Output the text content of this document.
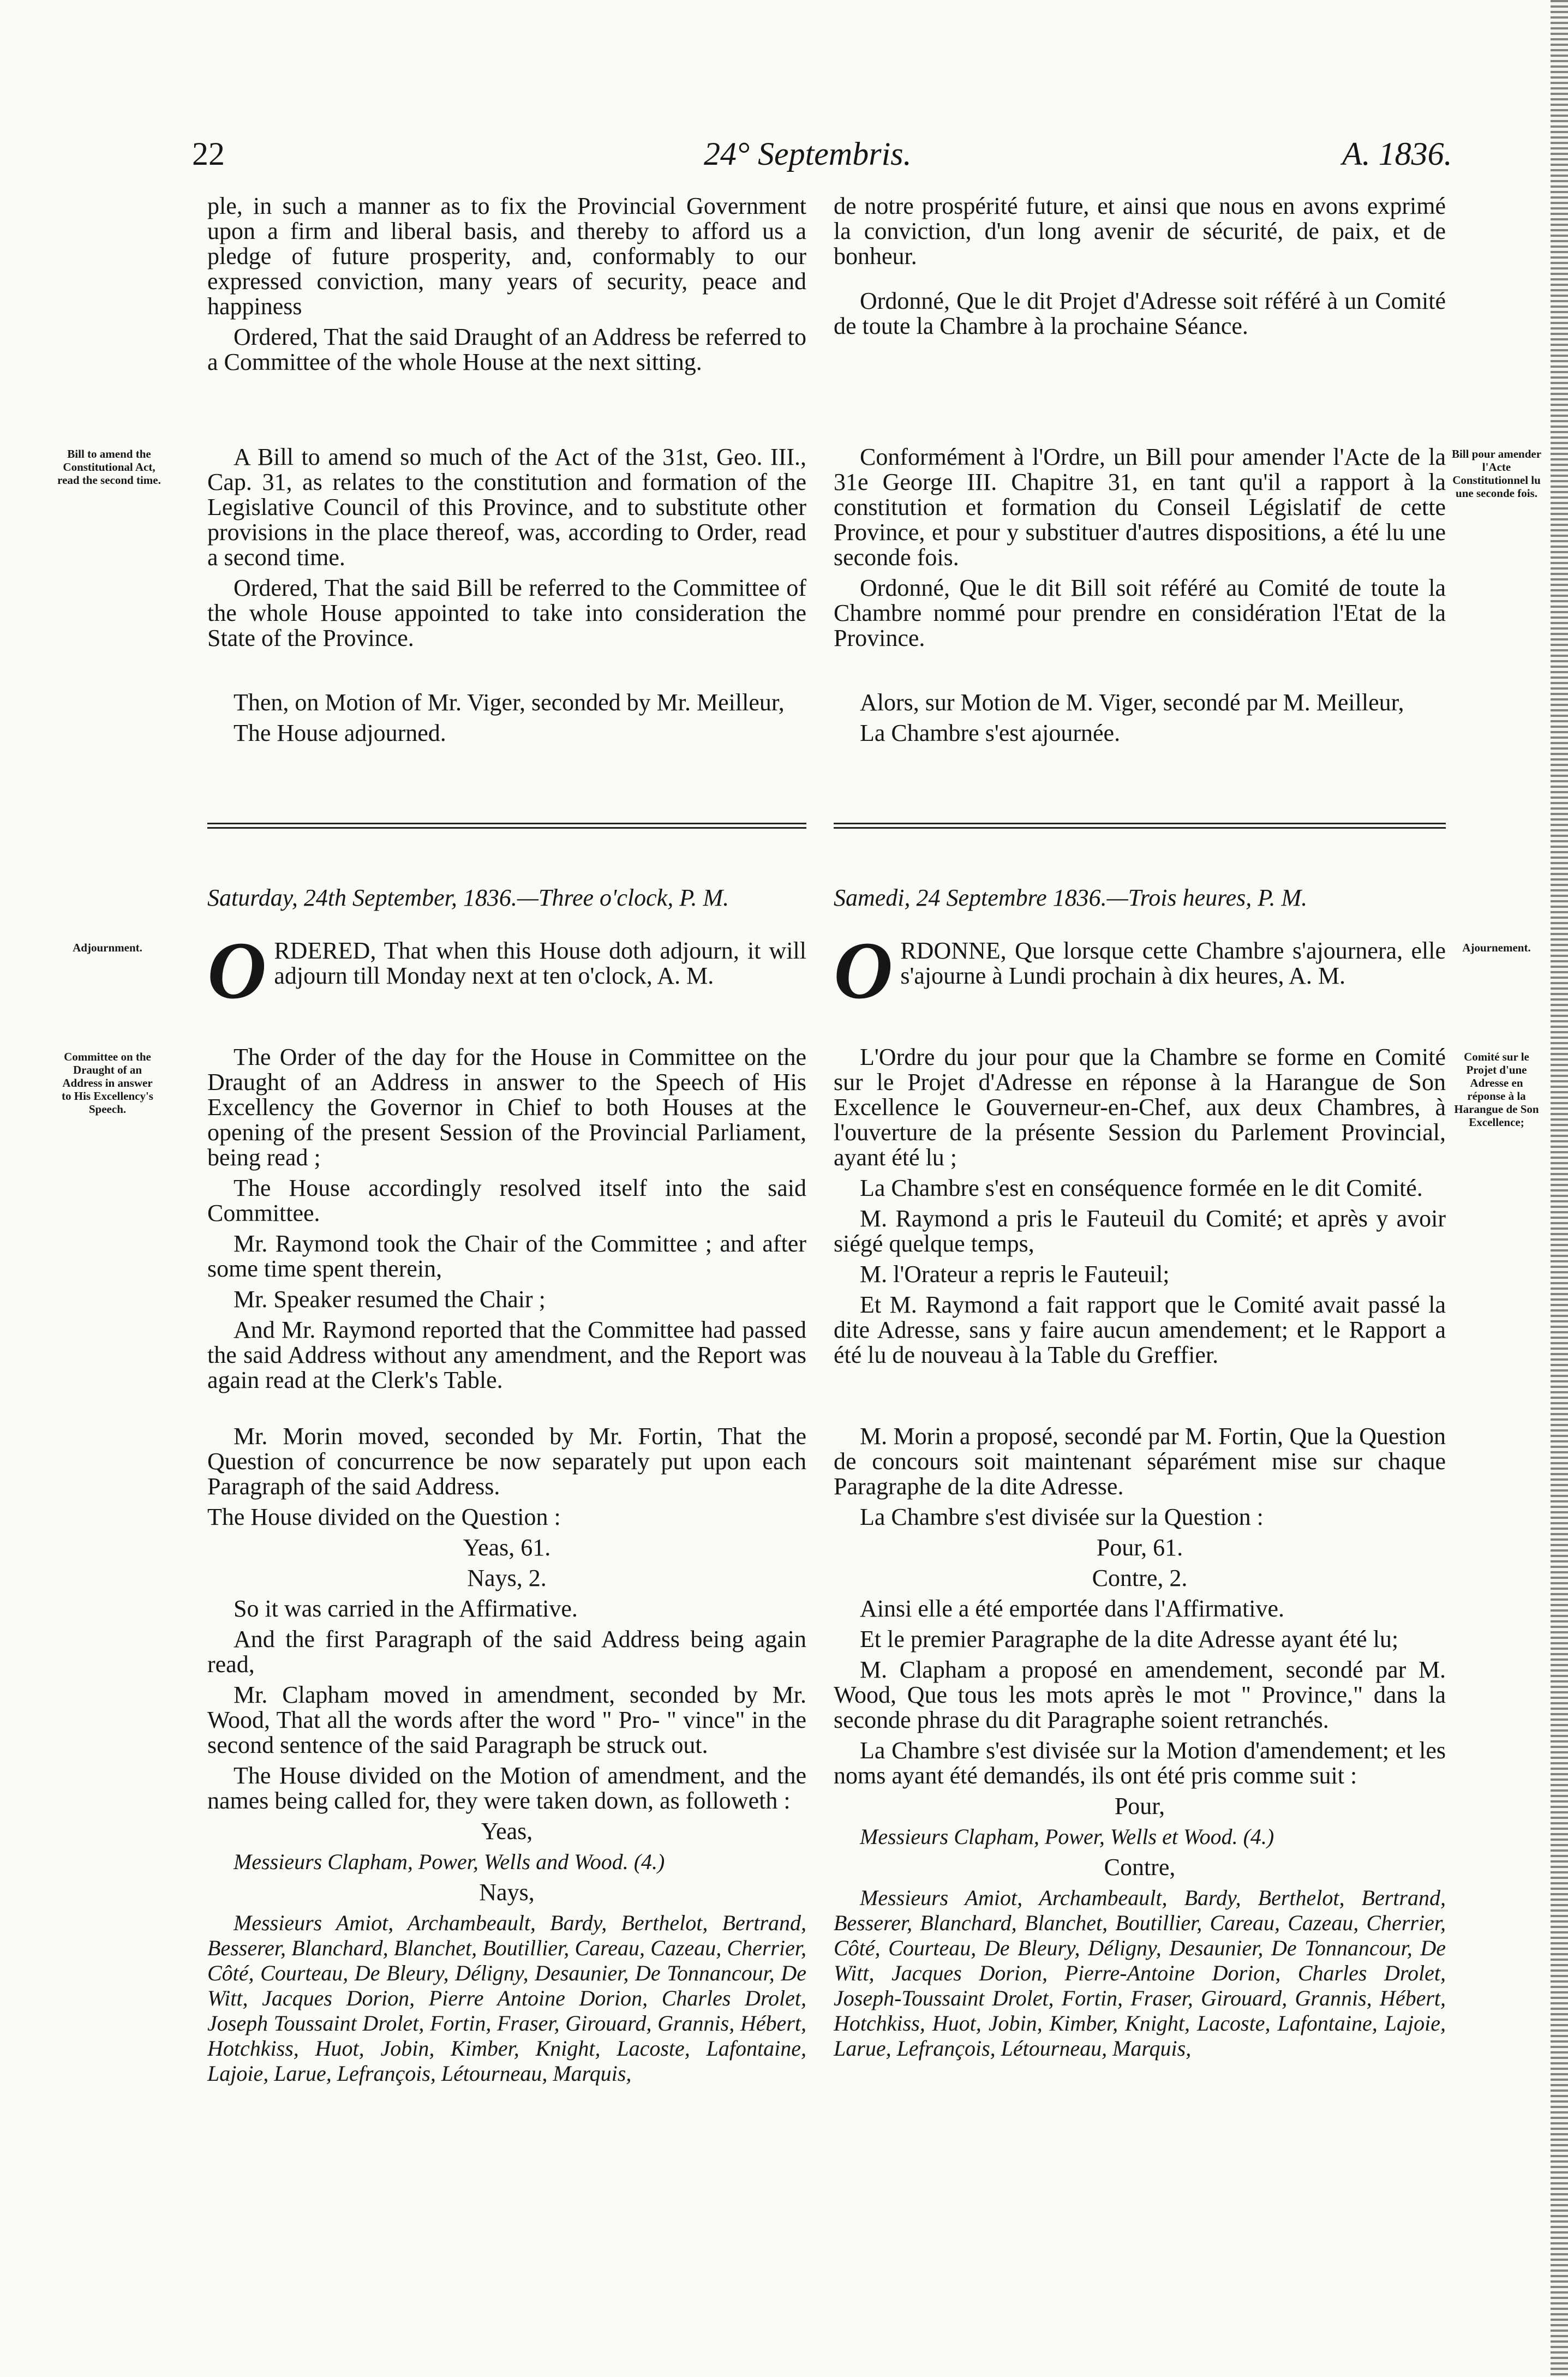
22	24° Septembris.	A. 1836.

ple, in such a manner as to fix the Provincial Government upon a firm and liberal basis, and thereby to afford us a pledge of future prosperity, and, conformably to our expressed conviction, many years of security, peace and happiness

Ordered, That the said Draught of an Address be referred to a Committee of the whole House at the next sitting.

de notre prospérité future, et ainsi que nous en avons exprimé la conviction, d'un long avenir de sécurité, de paix, et de bonheur.

Ordonné, Que le dit Projet d'Adresse soit référé à un Comité de toute la Chambre à la prochaine Séance.

Bill to amend the Constitutional Act, read the second time.
Bill pour amender l'Acte Constitutionnel lu une seconde fois.

A Bill to amend so much of the Act of the 31st, Geo. III., Cap. 31, as relates to the constitution and formation of the Legislative Council of this Province, and to substitute other provisions in the place thereof, was, according to Order, read a second time.

Ordered, That the said Bill be referred to the Committee of the whole House appointed to take into consideration the State of the Province.

Conformément à l'Ordre, un Bill pour amender l'Acte de la 31e George III. Chapitre 31, en tant qu'il a rapport à la constitution et formation du Conseil Législatif de cette Province, et pour y substituer d'autres dispositions, a été lu une seconde fois.

Ordonné, Que le dit Bill soit référé au Comité de toute la Chambre nommé pour prendre en considération l'Etat de la Province.

Then, on Motion of Mr. Viger, seconded by Mr. Meilleur,

The House adjourned.

Alors, sur Motion de M. Viger, secondé par M. Meilleur,

La Chambre s'est ajournée.

Saturday, 24th September, 1836.—Three o'clock, P. M.	Samedi, 24 Septembre 1836.—Trois heures, P. M.
Adjournment.	Ajournement.

ORDERED, That when this House doth adjourn, it will adjourn till Monday next at ten o'clock, A. M.	ORDONNE, Que lorsque cette Chambre s'ajournera, elle s'ajourne à Lundi prochain à dix heures, A. M.

Committee on the Draught of an Address in answer to His Excellency's Speech.
Comité sur le Projet d'une Adresse en réponse à la Harangue de Son Excellence;

The Order of the day for the House in Committee on the Draught of an Address in answer to the Speech of His Excellency the Governor in Chief to both Houses at the opening of the present Session of the Provincial Parliament, being read ;

The House accordingly resolved itself into the said Committee.

Mr. Raymond took the Chair of the Committee ; and after some time spent therein,

Mr. Speaker resumed the Chair ;

And Mr. Raymond reported that the Committee had passed the said Address without any amendment, and the Report was again read at the Clerk's Table.

L'Ordre du jour pour que la Chambre se forme en Comité sur le Projet d'Adresse en réponse à la Harangue de Son Excellence le Gouverneur-en-Chef, aux deux Chambres, à l'ouverture de la présente Session du Parlement Provincial, ayant été lu ;

La Chambre s'est en conséquence formée en le dit Comité.

M. Raymond a pris le Fauteuil du Comité; et après y avoir siégé quelque temps,

M. l'Orateur a repris le Fauteuil;

Et M. Raymond a fait rapport que le Comité avait passé la dite Adresse, sans y faire aucun amendement; et le Rapport a été lu de nouveau à la Table du Greffier.

Mr. Morin moved, seconded by Mr. Fortin, That the Question of concurrence be now separately put upon each Paragraph of the said Address.

The House divided on the Question :

Yeas, 61.

Nays, 2.

So it was carried in the Affirmative.

And the first Paragraph of the said Address being again read,

Mr. Clapham moved in amendment, seconded by Mr. Wood, That all the words after the word " Pro- " vince" in the second sentence of the said Paragraph be struck out.

The House divided on the Motion of amendment, and the names being called for, they were taken down, as followeth :

Yeas,

Messieurs Clapham, Power, Wells and Wood. (4.)

Nays,

Messieurs Amiot, Archambeault, Bardy, Berthelot, Bertrand, Besserer, Blanchard, Blanchet, Boutillier, Careau, Cazeau, Cherrier, Côté, Courteau, De Bleury, Déligny, Desaunier, De Tonnancour, De Witt, Jacques Dorion, Pierre Antoine Dorion, Charles Drolet, Joseph Toussaint Drolet, Fortin, Fraser, Girouard, Grannis, Hébert, Hotchkiss, Huot, Jobin, Kimber, Knight, Lacoste, Lafontaine, Lajoie, Larue, Lefrançois, Létourneau, Marquis,

M. Morin a proposé, secondé par M. Fortin, Que la Question de concours soit maintenant séparément mise sur chaque Paragraphe de la dite Adresse.

La Chambre s'est divisée sur la Question :

Pour, 61.

Contre, 2.

Ainsi elle a été emportée dans l'Affirmative.

Et le premier Paragraphe de la dite Adresse ayant été lu;

M. Clapham a proposé en amendement, secondé par M. Wood, Que tous les mots après le mot " Province," dans la seconde phrase du dit Paragraphe soient retranchés.

La Chambre s'est divisée sur la Motion d'amendement; et les noms ayant été demandés, ils ont été pris comme suit :

Pour,

Messieurs Clapham, Power, Wells et Wood. (4.)

Contre,

Messieurs Amiot, Archambeault, Bardy, Berthelot, Bertrand, Besserer, Blanchard, Blanchet, Boutillier, Careau, Cazeau, Cherrier, Côté, Courteau, De Bleury, Déligny, Desaunier, De Tonnancour, De Witt, Jacques Dorion, Pierre-Antoine Dorion, Charles Drolet, Joseph-Toussaint Drolet, Fortin, Fraser, Girouard, Grannis, Hébert, Hotchkiss, Huot, Jobin, Kimber, Knight, Lacoste, Lafontaine, Lajoie, Larue, Lefrançois, Létourneau, Marquis,
